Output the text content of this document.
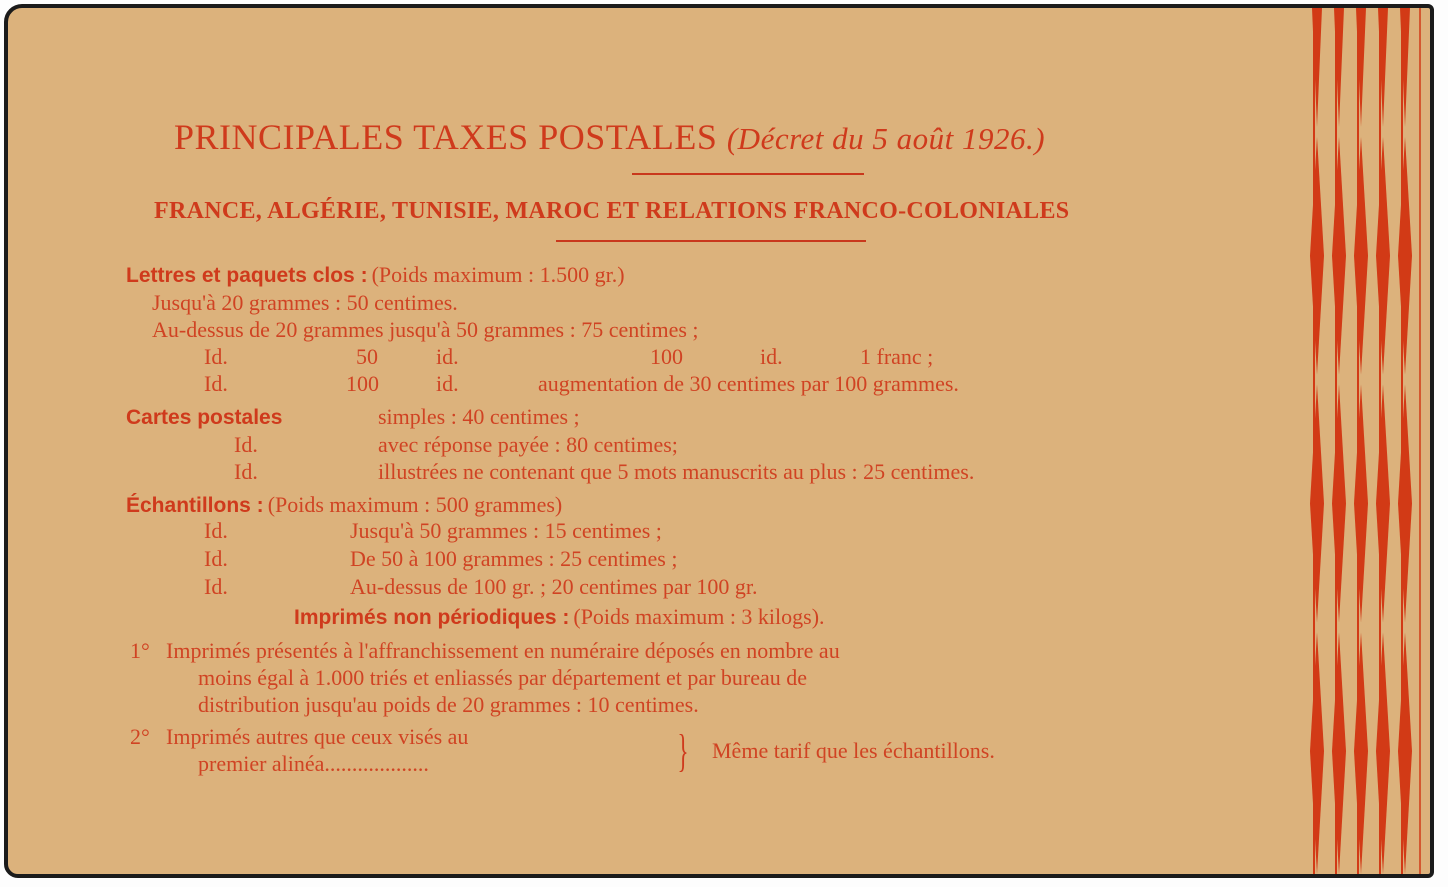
PRINCIPALES TAXES POSTALES (Décret du 5 août 1926.)
FRANCE, ALGÉRIE, TUNISIE, MAROC ET RELATIONS FRANCO-COLONIALES
Lettres et paquets clos : (Poids maximum : 1.500 gr.)
Jusqu'à 20 grammes : 50 centimes.
Au-dessus de 20 grammes jusqu'à 50 grammes : 75 centimes ;
Id.	50	id.	100	id.	1 franc ;
Id.	100	id.	augmentation de 30 centimes par 100 grammes.
Cartes postales	simples : 40 centimes ;
Id.	avec réponse payée : 80 centimes;
Id.	illustrées ne contenant que 5 mots manuscrits au plus : 25 centimes.
Échantillons : (Poids maximum : 500 grammes)
Id.	Jusqu'à 50 grammes : 15 centimes ;
Id.	De 50 à 100 grammes : 25 centimes ;
Id.	Au-dessus de 100 gr. ; 20 centimes par 100 gr.
Imprimés non périodiques : (Poids maximum : 3 kilogs).
1° Imprimés présentés à l'affranchissement en numéraire déposés en nombre au
moins égal à 1.000 triés et enliassés par département et par bureau de
distribution jusqu'au poids de 20 grammes : 10 centimes.
2° Imprimés autres que ceux visés au
premier alinéa...................	} Même tarif que les échantillons.
